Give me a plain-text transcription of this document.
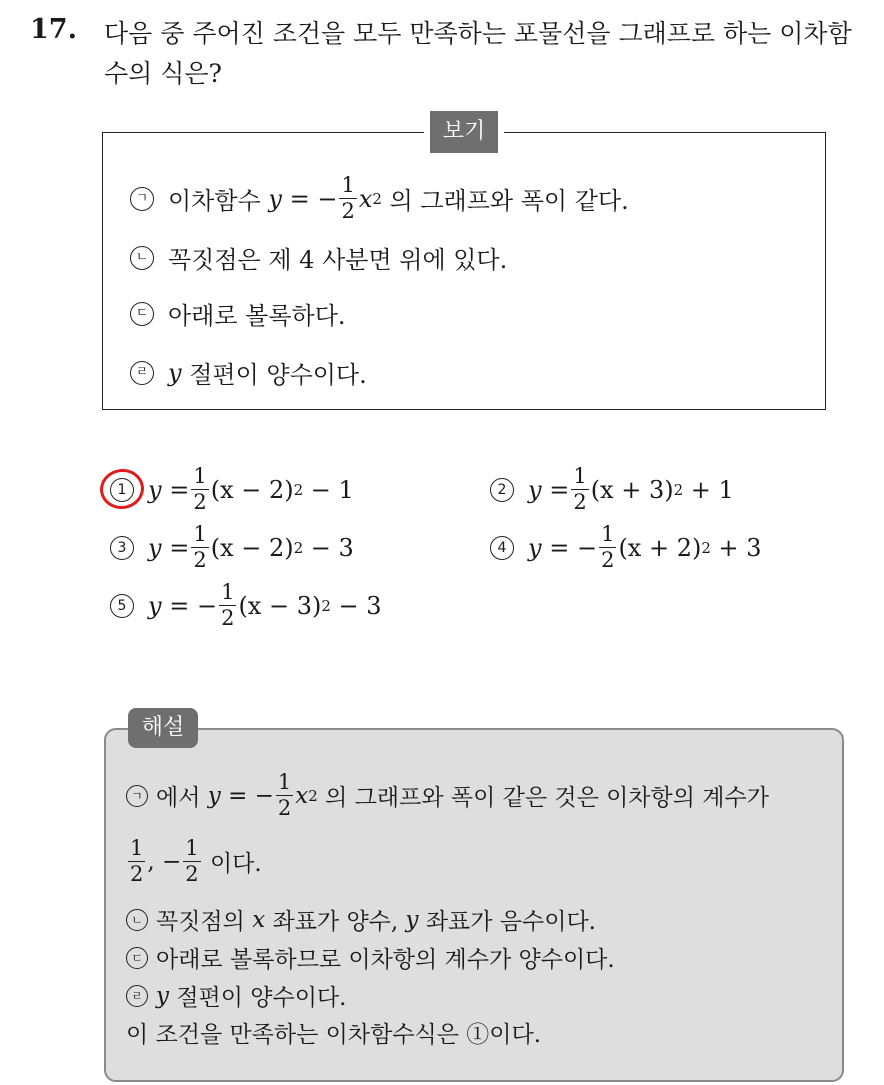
17. 다음 중 주어진 조건을 모두 만족하는 포물선을 그래프로 하는 이차함수의 식은?
보기
ㄱ 이차함수
y
= − $\frac{1}{2}$ x 2
의 그래프와 폭이 같다.
ㄴ 꼭짓점은 제 4 사분면 위에 있다.
ㄷ 아래로 볼록하다.
ㄹ y
절편이 양수이다.
1 y
= $\frac{1}{2} (x - 2)$ 2
− 1	2 y
= $\frac{1}{2} (x + 3)$ 2
+ 1
3 y
= $\frac{1}{2} (x - 2)$ 2
− 3	4 y
= − $\frac{1}{2} (x + 2)$ 2
+ 3
5 y
= − $\frac{1}{2} (x - 3)$ 2
− 3
해설
ㄱ 에서
y
= − $\frac{1}{2}$ x 2
의 그래프와 폭이 같은 것은 이차항의 계수가
$\frac{1}{2}$ , − $\frac{1}{2}$
이다.
ㄴ 꼭짓점의
x
좌표가 양수,
y
좌표가 음수이다.
ㄷ 아래로 볼록하므로 이차항의 계수가 양수이다.
ㄹ y
절편이 양수이다.
이 조건을 만족하는 이차함수식은 ①이다.
